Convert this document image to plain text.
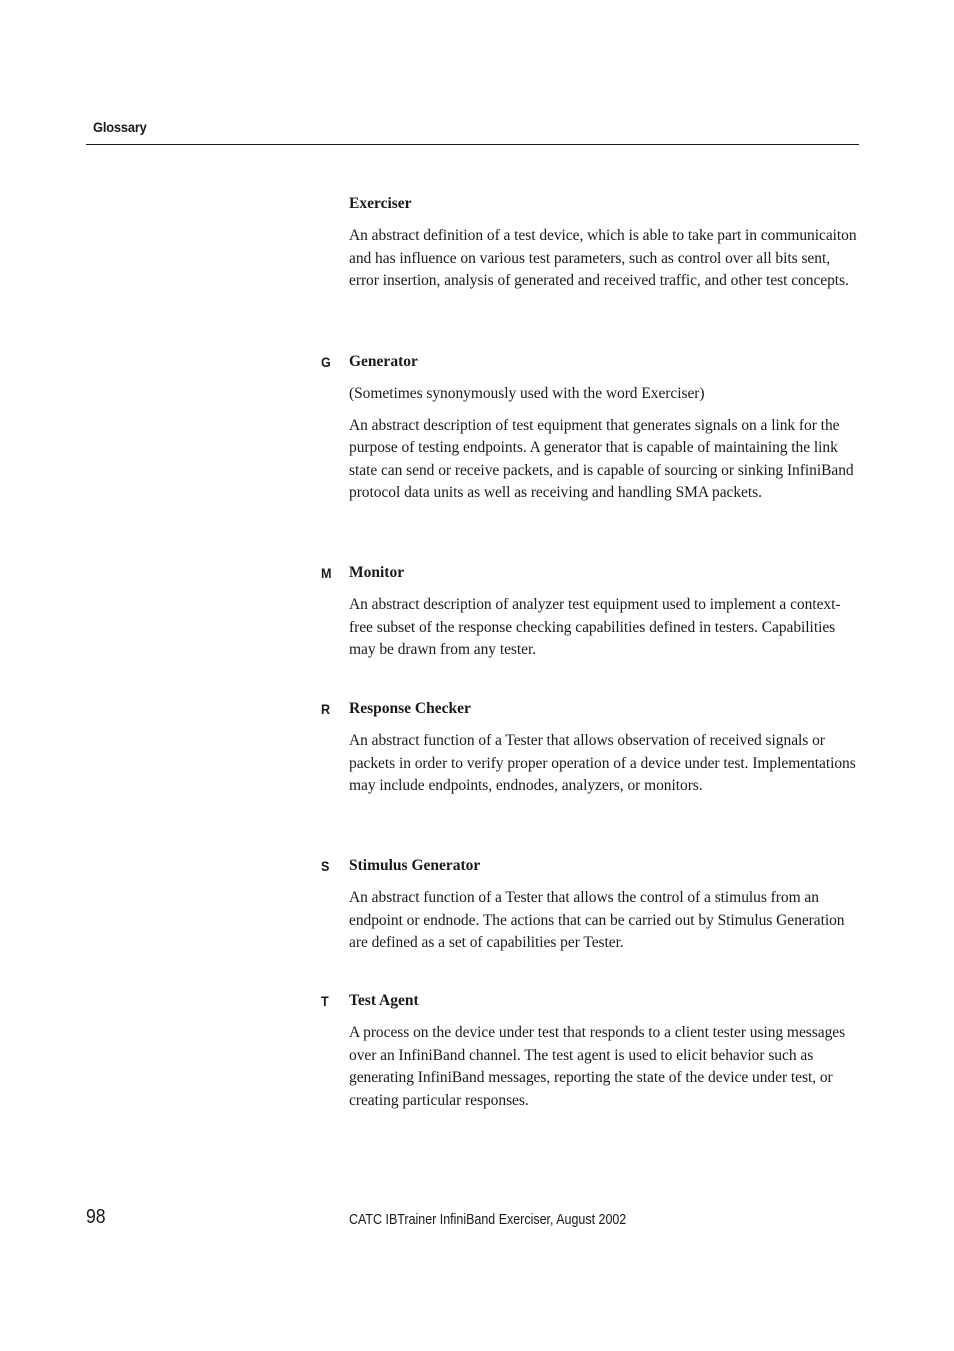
Glossary
Exerciser
An abstract definition of a test device, which is able to take part in communicaiton and has influence on various test parameters, such as control over all bits sent, error insertion, analysis of generated and received traffic, and other test concepts.
G Generator
(Sometimes synonymously used with the word Exerciser)
An abstract description of test equipment that generates signals on a link for the purpose of testing endpoints. A generator that is capable of maintaining the link state can send or receive packets, and is capable of sourcing or sinking InfiniBand protocol data units as well as receiving and handling SMA packets.
M Monitor
An abstract description of analyzer test equipment used to implement a context-free subset of the response checking capabilities defined in testers. Capabilities may be drawn from any tester.
R Response Checker
An abstract function of a Tester that allows observation of received signals or packets in order to verify proper operation of a device under test. Implementations may include endpoints, endnodes, analyzers, or monitors.
S Stimulus Generator
An abstract function of a Tester that allows the control of a stimulus from an endpoint or endnode. The actions that can be carried out by Stimulus Generation are defined as a set of capabilities per Tester.
T Test Agent
A process on the device under test that responds to a client tester using messages over an InfiniBand channel. The test agent is used to elicit behavior such as generating InfiniBand messages, reporting the state of the device under test, or creating particular responses.
98	CATC IBTrainer InfiniBand Exerciser, August 2002
